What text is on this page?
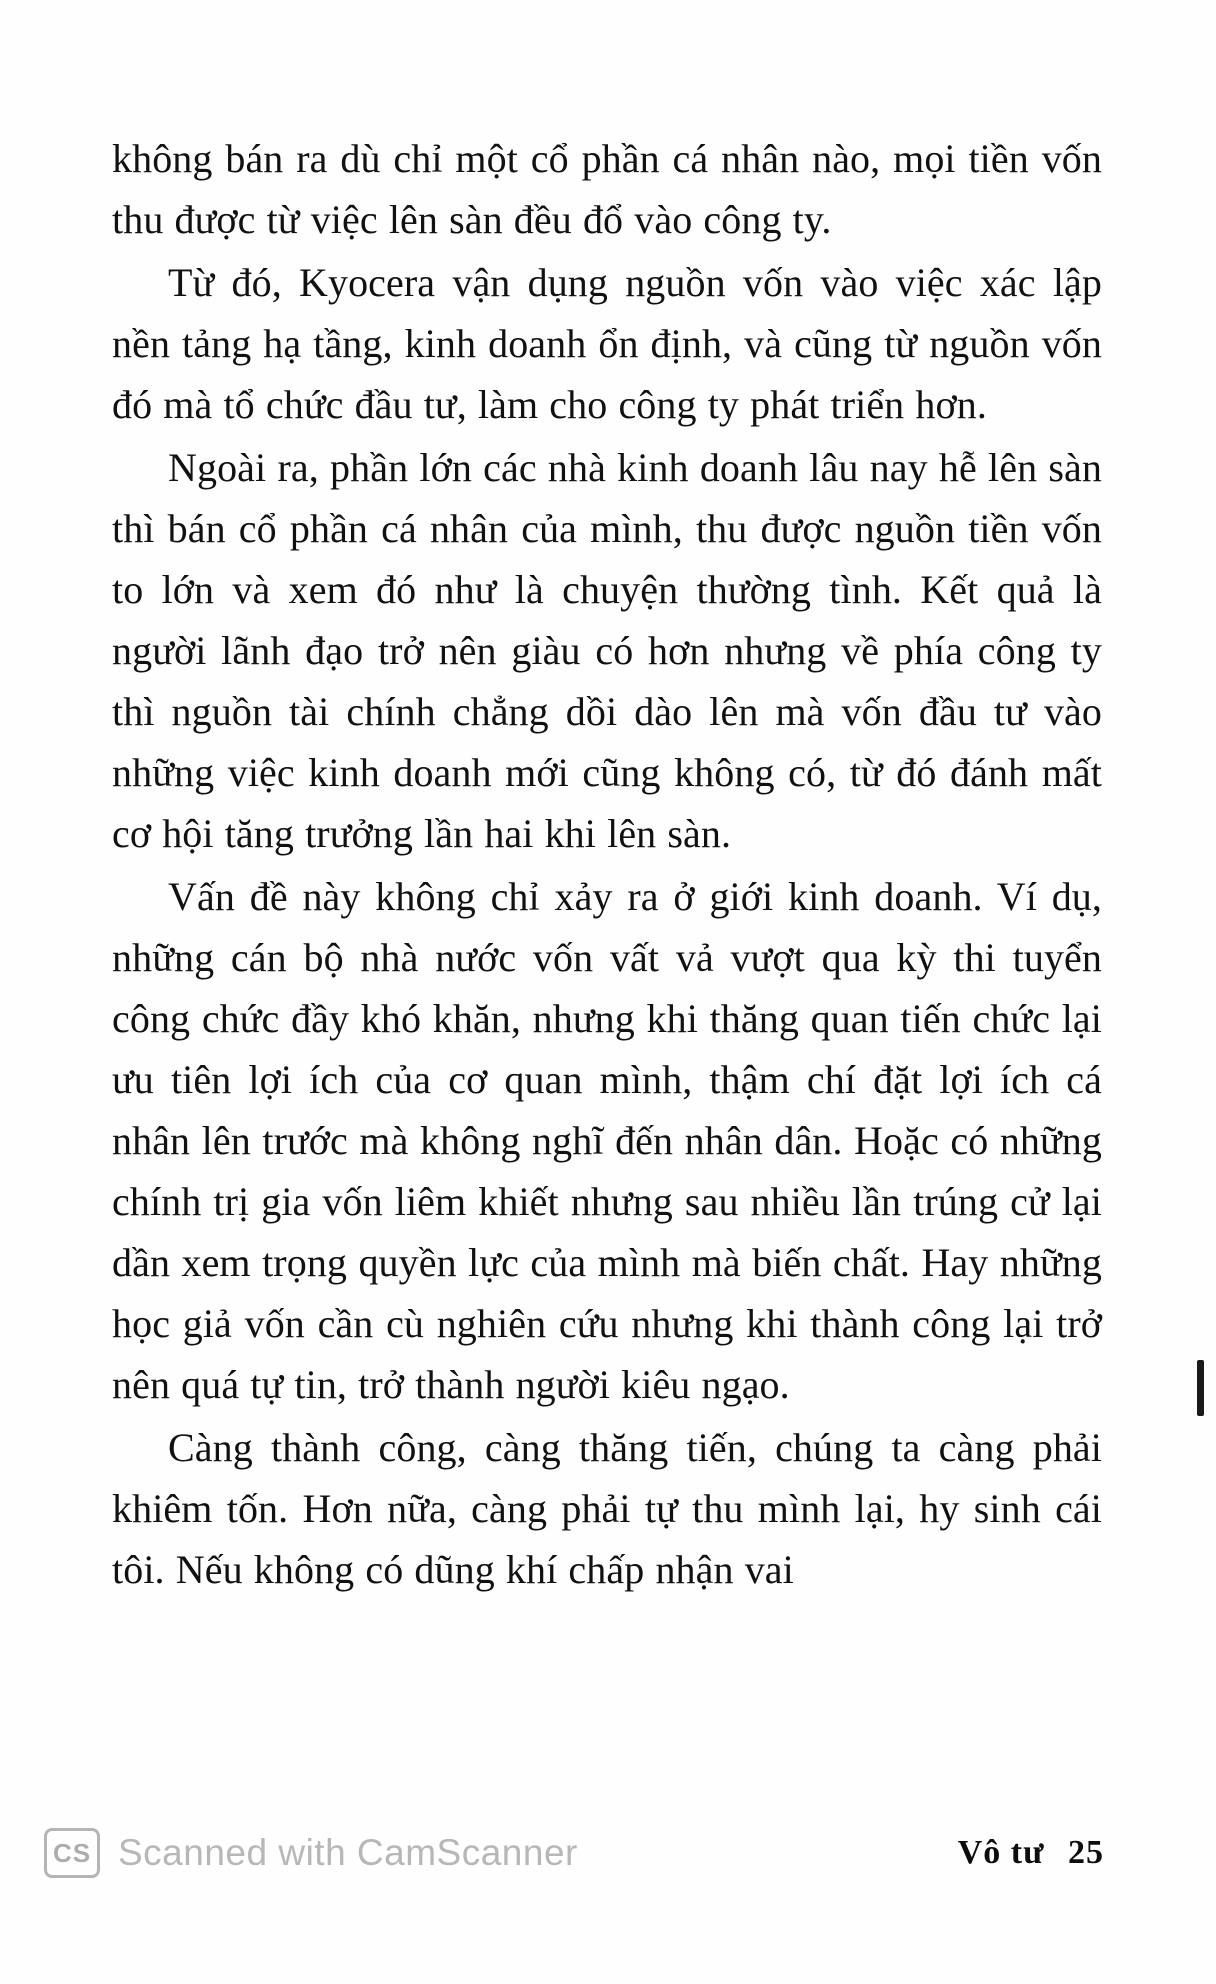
không bán ra dù chỉ một cổ phần cá nhân nào, mọi tiền vốn thu được từ việc lên sàn đều đổ vào công ty.

Từ đó, Kyocera vận dụng nguồn vốn vào việc xác lập nền tảng hạ tầng, kinh doanh ổn định, và cũng từ nguồn vốn đó mà tổ chức đầu tư, làm cho công ty phát triển hơn.

Ngoài ra, phần lớn các nhà kinh doanh lâu nay hễ lên sàn thì bán cổ phần cá nhân của mình, thu được nguồn tiền vốn to lớn và xem đó như là chuyện thường tình. Kết quả là người lãnh đạo trở nên giàu có hơn nhưng về phía công ty thì nguồn tài chính chẳng dồi dào lên mà vốn đầu tư vào những việc kinh doanh mới cũng không có, từ đó đánh mất cơ hội tăng trưởng lần hai khi lên sàn.

Vấn đề này không chỉ xảy ra ở giới kinh doanh. Ví dụ, những cán bộ nhà nước vốn vất vả vượt qua kỳ thi tuyển công chức đầy khó khăn, nhưng khi thăng quan tiến chức lại ưu tiên lợi ích của cơ quan mình, thậm chí đặt lợi ích cá nhân lên trước mà không nghĩ đến nhân dân. Hoặc có những chính trị gia vốn liêm khiết nhưng sau nhiều lần trúng cử lại dần xem trọng quyền lực của mình mà biến chất. Hay những học giả vốn cần cù nghiên cứu nhưng khi thành công lại trở nên quá tự tin, trở thành người kiêu ngạo.

Càng thành công, càng thăng tiến, chúng ta càng phải khiêm tốn. Hơn nữa, càng phải tự thu mình lại, hy sinh cái tôi. Nếu không có dũng khí chấp nhận vai

CS Scanned with CamScanner	Vô tư 25
